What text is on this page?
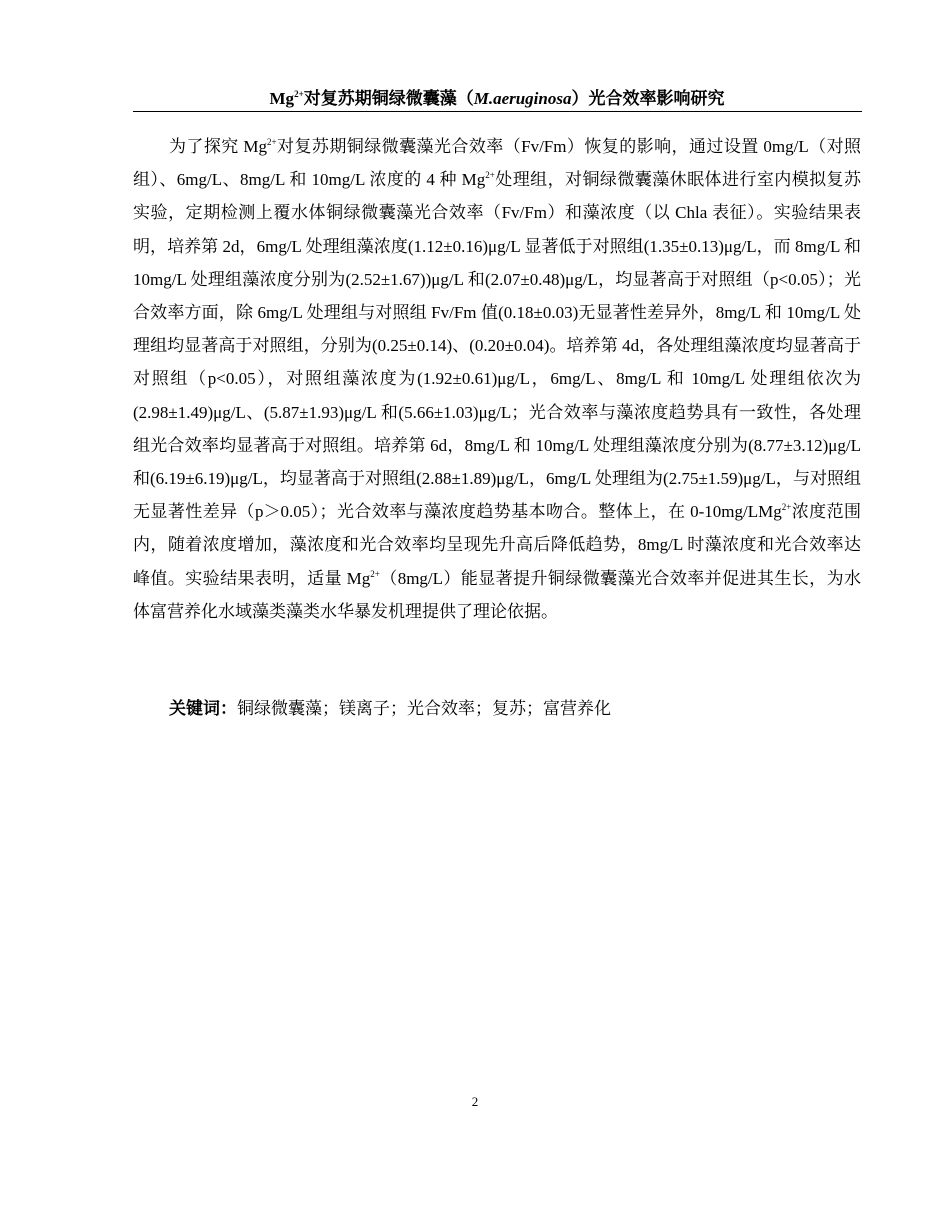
$Mg^{2+}$对复苏期铜绿微囊藻（M.aeruginosa）光合效率影响研究

为了探究 $Mg^{2+}$对复苏期铜绿微囊藻光合效率（Fv/Fm）恢复的影响，通过设置 0mg/L（对照组）、6mg/L、8mg/L 和 10mg/L 浓度的 4 种 $Mg^{2+}$处理组，对铜绿微囊藻休眠体进行室内模拟复苏实验，定期检测上覆水体铜绿微囊藻光合效率（Fv/Fm）和藻浓度（以 Chla 表征）。实验结果表明，培养第 2d，6mg/L 处理组藻浓度(1.12±0.16)μg/L 显著低于对照组(1.35±0.13)μg/L，而 8mg/L 和 10mg/L 处理组藻浓度分别为(2.52±1.67))μg/L 和(2.07±0.48)μg/L，均显著高于对照组（p<0.05）；光合效率方面，除 6mg/L 处理组与对照组 Fv/Fm 值(0.18±0.03)无显著性差异外，8mg/L 和 10mg/L 处理组均显著高于对照组，分别为(0.25±0.14)、(0.20±0.04)。培养第 4d，各处理组藻浓度均显著高于对照组（p<0.05），对照组藻浓度为(1.92±0.61)μg/L，6mg/L、8mg/L 和 10mg/L 处理组依次为(2.98±1.49)μg/L、(5.87±1.93)μg/L 和(5.66±1.03)μg/L；光合效率与藻浓度趋势具有一致性，各处理组光合效率均显著高于对照组。培养第 6d，8mg/L 和 10mg/L 处理组藻浓度分别为(8.77±3.12)μg/L 和(6.19±6.19)μg/L，均显著高于对照组(2.88±1.89)μg/L，6mg/L 处理组为(2.75±1.59)μg/L，与对照组无显著性差异（p＞0.05）；光合效率与藻浓度趋势基本吻合。整体上，在 0-10mg/LMg$^{2+}$浓度范围内，随着浓度增加，藻浓度和光合效率均呈现先升高后降低趋势，8mg/L 时藻浓度和光合效率达峰值。实验结果表明，适量 $Mg^{2+}(8mg/L)$能显著提升铜绿微囊藻光合效率并促进其生长，为水体富营养化水域藻类藻类水华暴发机理提供了理论依据。

关键词：铜绿微囊藻；镁离子；光合效率；复苏；富营养化

2
